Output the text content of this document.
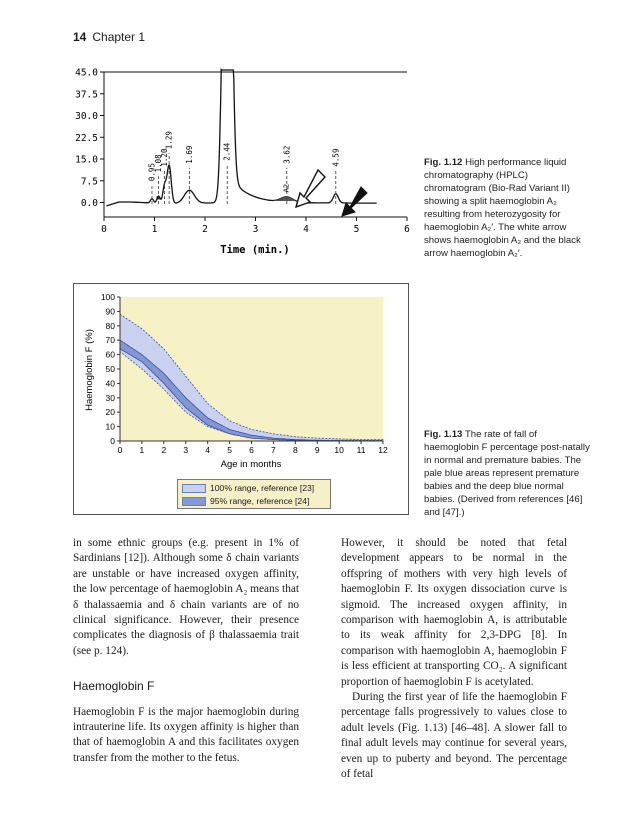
14 Chapter 1
45.0
37.5
30.0
22.5
15.0
7.5
0.0
0	1	2	3	4	5	6
0.95
1.08
1.20
1.29
1.69	2.44	3.62	4.59
F
A2
Time (min.)
Fig. 1.12 High performance liquid
chromatography (HPLC)
chromatogram (Bio-Rad Variant II)
showing a split haemoglobin A₂
resulting from heterozygosity for
haemoglobin A₂′. The white arrow
shows haemoglobin A₂ and the black
arrow haemoglobin A₂′.
0
10
20
30
40
50
60
70
80
90
100
0 1 2 3 4 5 6 7 8 9 10 11 12
Age in months
Haemoglobin F (%)
100% range, reference [23]
95% range, reference [24]
Fig. 1.13 The rate of fall of
haemoglobin F percentage post-natally
in normal and premature babies. The
pale blue areas represent premature
babies and the deep blue normal
babies. (Derived from references [46]
and [47].)

in some ethnic groups (e.g. present in 1% of Sardinians [12]). Although some δ chain variants are unstable or have increased oxygen affinity, the low percentage of haemoglobin A₂ means that δ thalassaemia and δ chain variants are of no clinical significance. However, their presence complicates the diagnosis of β thalassaemia trait (see p. 124).

Haemoglobin F

Haemoglobin F is the major haemoglobin during intrauterine life. Its oxygen affinity is higher than that of haemoglobin A and this facilitates oxygen transfer from the mother to the fetus.

However, it should be noted that fetal development appears to be normal in the offspring of mothers with very high levels of haemoglobin F. Its oxygen dissociation curve is sigmoid. The increased oxygen affinity, in comparison with haemoglobin A, is attributable to its weak affinity for 2,3-DPG [8]. In comparison with haemoglobin A, haemoglobin F is less efficient at transporting CO₂. A significant proportion of haemoglobin F is acetylated.

During the first year of life the haemoglobin F percentage falls progressively to values close to adult levels (Fig. 1.13) [46–48]. A slower fall to final adult levels may continue for several years, even up to puberty and beyond. The percentage of fetal
